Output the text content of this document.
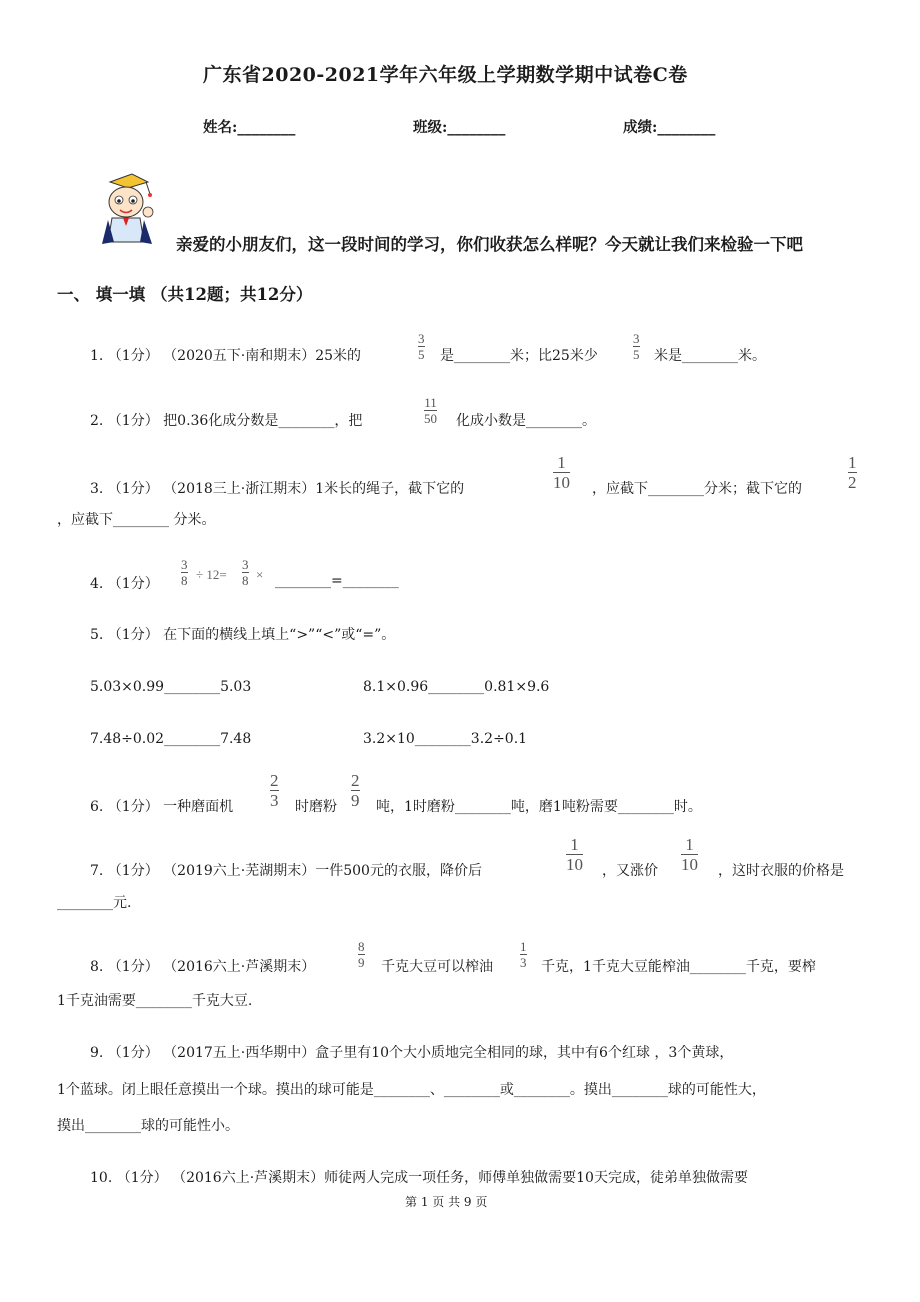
广东省2020-2021学年六年级上学期数学期中试卷C卷
姓名:________	班级:________	成绩:________
亲爱的小朋友们，这一段时间的学习，你们收获怎么样呢？今天就让我们来检验一下吧
一、 填一填 （共12题；共12分）
1. （1分） （2020五下·南和期末）25米的
3
5 是________米；比25米少
3
5 米是________米。
2. （1分） 把0.36化成分数是________，把
11
50 化成小数是________。
3. （1分） （2018三上·浙江期末）1米长的绳子，截下它的
1
10 ，应截下________分米；截下它的
1
2
，应截下________ 分米。
4. （1分）
3
8 ÷ 12=
3
8 × ________=________
5. （1分） 在下面的横线上填上“>”“<”或“=”。
5.03×0.99________5.03	8.1×0.96________0.81×9.6
7.48÷0.02________7.48	3.2×10________3.2÷0.1
6. （1分） 一种磨面机
2
3 时磨粉
2
9 吨，1时磨粉________吨，磨1吨粉需要________时。
7. （1分） （2019六上·芜湖期末）一件500元的衣服，降价后
1
10 ，又涨价
1
10 ，这时衣服的价格是
________元.
8. （1分） （2016六上·芦溪期末）
8
9 千克大豆可以榨油
1
3 千克，1千克大豆能榨油________千克，要榨
1千克油需要________千克大豆.
9. （1分） （2017五上·西华期中）盒子里有10个大小质地完全相同的球，其中有6个红球 ，3个黄球，
1个蓝球。闭上眼任意摸出一个球。摸出的球可能是________、________或________。摸出________球的可能性大，
摸出________球的可能性小。
10. （1分） （2016六上·芦溪期末）师徒两人完成一项任务，师傅单独做需要10天完成，徒弟单独做需要
第 1 页 共 9 页
